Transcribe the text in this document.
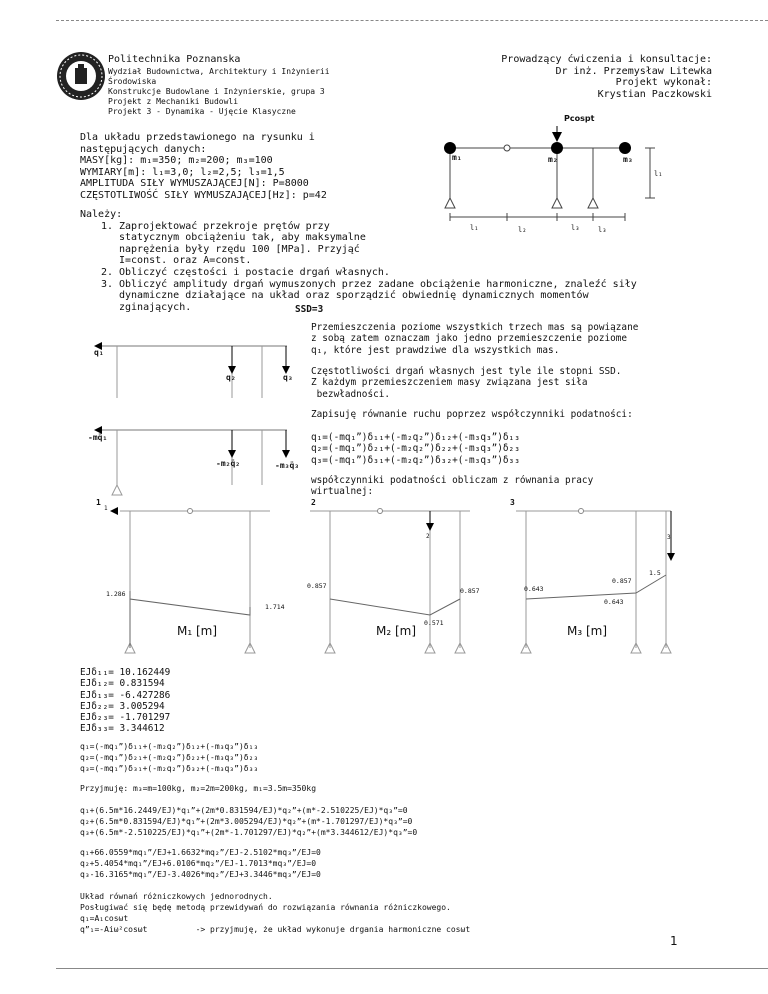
Politechnika Poznanska
Wydział Budownictwa, Architektury i Inżynierii
Środowiska
Konstrukcje Budowlane i Inżynierskie, grupa 3
Projekt z Mechaniki Budowli
Projekt 3 - Dynamika - Ujęcie Klasyczne
Prowadzący ćwiczenia i konsultacje:
Dr inż. Przemysław Litewka
Projekt wykonał:
Krystian Paczkowski
Dla układu przedstawionego na rysunku i
następujących danych:
MASY[kg]: m₁=350; m₂=200; m₃=100
WYMIARY[m]: l₁=3,0; l₂=2,5; l₃=1,5
AMPLITUDA SIŁY WYMUSZAJĄCEJ[N]: P=8000
CZĘSTOTLIWOŚĆ SIŁY WYMUSZAJĄCEJ[Hz]: p=42
Należy:
1. Zaprojektować przekroje prętów przy
statycznym obciążeniu tak, aby maksymalne
naprężenia były rzędu 100 [MPa]. Przyjąć
I=const. oraz A=const.
2. Obliczyć częstości i postacie drgań własnych.
3. Obliczyć amplitudy drgań wymuszonych przez zadane obciążenie harmoniczne, znaleźć siły
dynamiczne działające na układ oraz sporządzić obwiednię dynamicznych momentów
zginających.	SSD=3
Pcospt
m₁	m₂	m₃
l₁
l₁	l₂	l₃	l₃
q₁
q₂	q₃
Przemieszczenia poziome wszystkich trzech mas są powiązane
z sobą zatem oznaczam jako jedno przemieszczenie poziome
q₁, które jest prawdziwe dla wszystkich mas.
Częstotliwości drgań własnych jest tyle ile stopni SSD.
Z każdym przemieszczeniem masy związana jest siła
bezwładności.
Zapisuję równanie ruchu poprzez współczynniki podatności:
-mq̈₁
-m₂q̈₂	-m₃q̈₃
q₁=(-mq₁”)δ₁₁+(-m₂q₂”)δ₁₂+(-m₃q₃”)δ₁₃
q₂=(-mq₁”)δ₂₁+(-m₂q₂”)δ₂₂+(-m₃q₃”)δ₂₃
q₃=(-mq₁”)δ₃₁+(-m₂q₂”)δ₃₂+(-m₃q₃”)δ₃₃
współczynniki podatności obliczam z równania pracy
wirtualnej:
1
1
2
2
3
3
1.286
1.714
0.857
0.857
0.571
0.643
0.857
1.5
0.643
M₁ [m]	M₂ [m]	M₃ [m]
EJδ₁₁= 10.162449
EJδ₁₂= 0.831594
EJδ₁₃= -6.427286
EJδ₂₂= 3.005294
EJδ₂₃= -1.701297
EJδ₃₃= 3.344612
q₁=(-mq₁”)δ₁₁+(-m₂q₂”)δ₁₂+(-m₃q₃”)δ₁₃
q₂=(-mq₁”)δ₂₁+(-m₂q₂”)δ₂₂+(-m₃q₃”)δ₂₃
q₃=(-mq₁”)δ₃₁+(-m₂q₂”)δ₃₂+(-m₃q₃”)δ₃₃
Przyjmuję: m₃=m=100kg, m₂=2m=200kg, m₁=3.5m=350kg
q₁+(6.5m*16.2449/EJ)*q₁”+(2m*0.831594/EJ)*q₂”+(m*-2.510225/EJ)*q₃”=0
q₂+(6.5m*0.831594/EJ)*q₁”+(2m*3.005294/EJ)*q₂”+(m*-1.701297/EJ)*q₃”=0
q₃+(6.5m*-2.510225/EJ)*q₁”+(2m*-1.701297/EJ)*q₂”+(m*3.344612/EJ)*q₃”=0
q₁+66.0559*mq₁”/EJ+1.6632*mq₂”/EJ-2.5102*mq₃”/EJ=0
q₂+5.4054*mq₁”/EJ+6.0106*mq₂”/EJ-1.7013*mq₃”/EJ=0
q₃-16.3165*mq₁”/EJ-3.4026*mq₂”/EJ+3.3446*mq₃”/EJ=0
Układ równań różniczkowych jednorodnych.
Posługiwać się będę metodą przewidywań do rozwiązania równania różniczkowego.
q₁=A₁cosωt
q”₁=-Aiω²cosωt          -> przyjmuję, że układ wykonuje drgania harmoniczne cosωt
1
